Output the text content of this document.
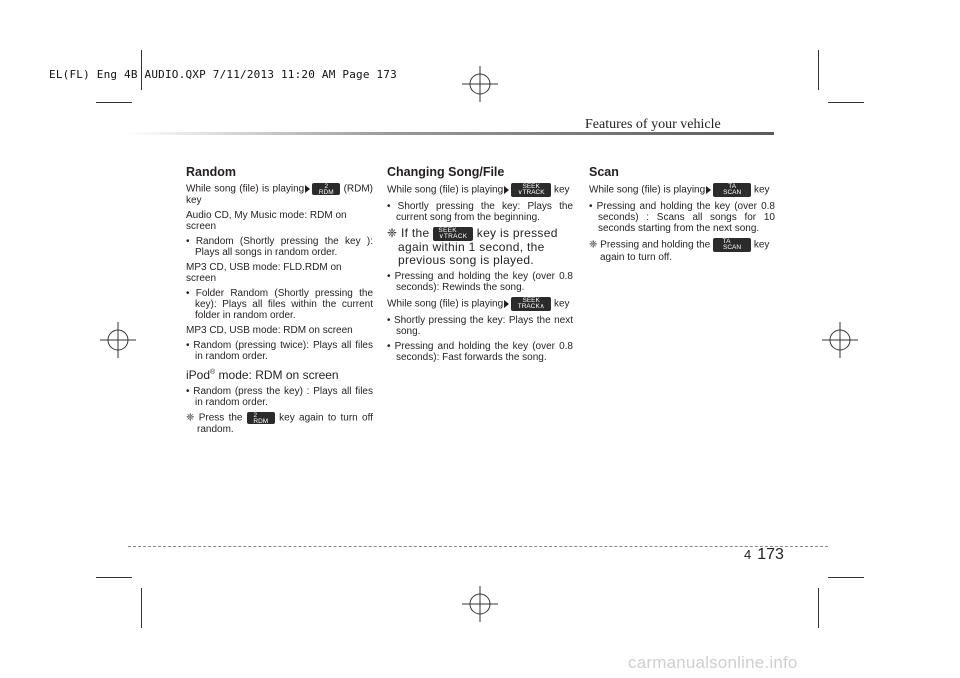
EL(FL) Eng 4B AUDIO.QXP 7/11/2013 11:20 AM Page 173
Features of your vehicle

Random

While song (file) is playing	2
RDM (RDM) key

Audio CD, My Music mode: RDM on screen

• Random (Shortly pressing the key ): Plays all songs in random order.

MP3 CD, USB mode: FLD.RDM on screen

• Folder Random (Shortly pressing the key): Plays all files within the current folder in random order.

MP3 CD, USB mode: RDM on screen

• Random (pressing twice): Plays all files in random order.

iPod® mode: RDM on screen

• Random (press the key) : Plays all files in random order.

❈ Press the 2
RDM key again to turn off random.

Changing Song/File

While song (file) is playing	SEEK
∨TRACK key

• Shortly pressing the key: Plays the current song from the beginning.

❈ If the SEEK
∨TRACK key is pressed again within 1 second, the previous song is played.

• Pressing and holding the key (over 0.8 seconds): Rewinds the song.

While song (file) is playing	SEEK
TRACK∧ key

• Shortly pressing the key: Plays the next song.

• Pressing and holding the key (over 0.8 seconds): Fast forwards the song.

Scan

While song (file) is playing	TA
SCAN key

• Pressing and holding the key (over 0.8 seconds) : Scans all songs for 10 seconds starting from the next song.

❈ Pressing and holding the TA
SCAN key again to turn off.

4 173
carmanualsonline.info
